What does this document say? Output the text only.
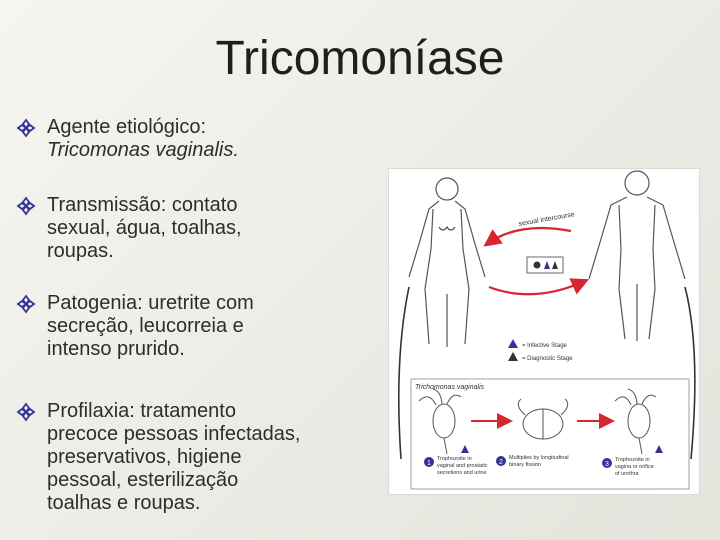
Tricomoníase
Agente etiológico:
Tricomonas vaginalis.
Transmissão: contato
sexual, água, toalhas,
roupas.
Patogenia: uretrite com
secreção, leucorreia e
intenso prurido.
Profilaxia: tratamento
precoce pessoas infectadas,
preservativos, higiene
pessoal, esterilização
toalhas e roupas.
sexual intercourse
= Infective Stage
= Diagnostic Stage
Trichomonas vaginalis
1	2	3
Trophozoite in
vaginal and prostatic
secretions and urine
Multiplies by longitudinal
binary fission
Trophozoite in
vagina or orifice
of urethra
